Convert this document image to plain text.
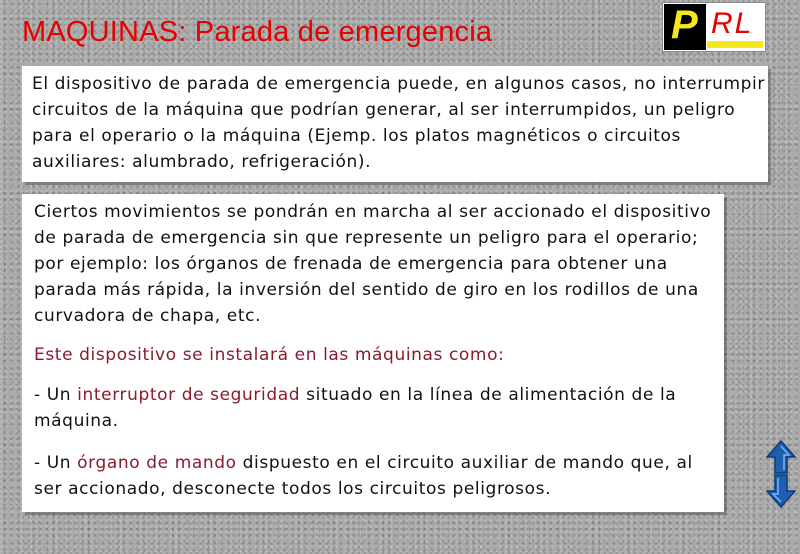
MAQUINAS: Parada de emergencia	P RL

El dispositivo de parada de emergencia puede, en algunos casos, no interrumpir circuitos de la máquina que podrían generar, al ser interrumpidos, un peligro para el operario o la máquina (Ejemp. los platos magnéticos o circuitos auxiliares: alumbrado, refrigeración).

Ciertos movimientos se pondrán en marcha al ser accionado el dispositivo de parada de emergencia sin que represente un peligro para el operario; por ejemplo: los órganos de frenada de emergencia para obtener una parada más rápida, la inversión del sentido de giro en los rodillos de una curvadora de chapa, etc.

Este dispositivo se instalará en las máquinas como:

- Un interruptor de seguridad situado en la línea de alimentación de la máquina.

- Un órgano de mando dispuesto en el circuito auxiliar de mando que, al ser accionado, desconecte todos los circuitos peligrosos.
